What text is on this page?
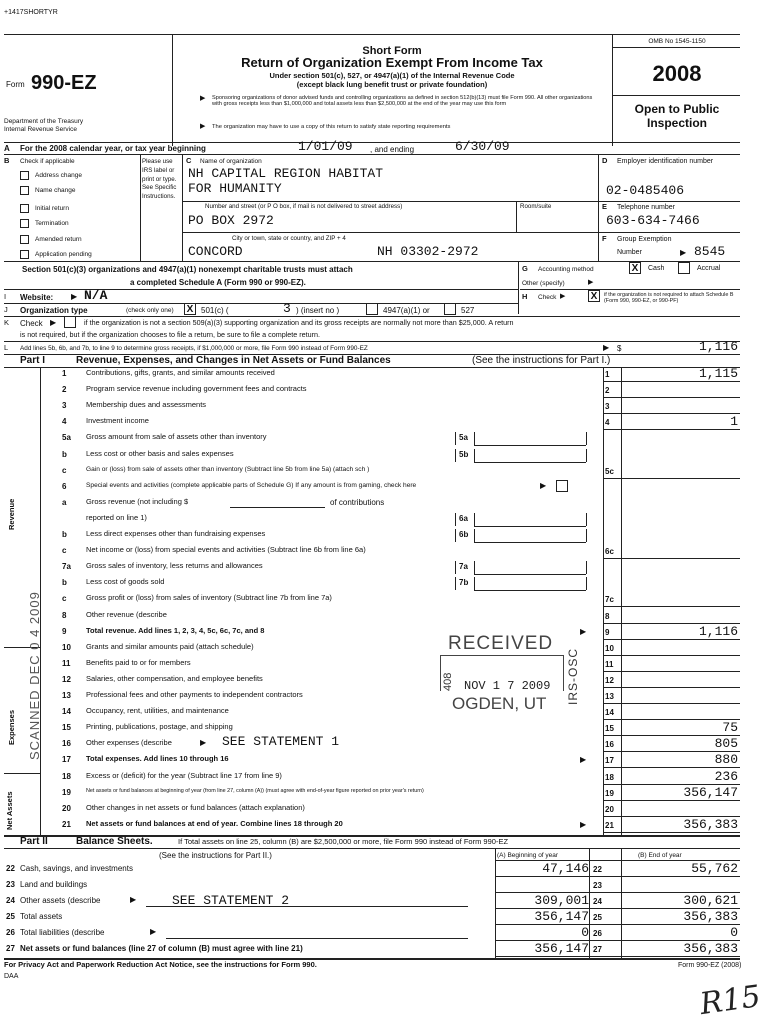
+1417SHORTYR
Form 990-EZ
Department of the Treasury
Internal Revenue Service
Short Form
Return of Organization Exempt From Income Tax
Under section 501(c), 527, or 4947(a)(1) of the Internal Revenue Code
(except black lung benefit trust or private foundation)
▶ Sponsoring organizations of donor advised funds and controlling organizations as defined in section 512(b)(13) must file Form 990. All other organizations with gross receipts less than $1,000,000 and total assets less than $2,500,000 at the end of the year may use this form
▶ The organization may have to use a copy of this return to satisfy state reporting requirements
OMB No 1545-1150
2008
Open to Public
Inspection
A For the 2008 calendar year, or tax year beginning	1/01/09 , and ending	6/30/09
B Check if applicable
Address change
Name change
Initial return
Termination
Amended return
Application pending
Please use IRS label or print or type. See Specific Instructions.
C Name of organization
NH CAPITAL REGION HABITAT
FOR HUMANITY
Number and street (or P O box, if mail is not delivered to street address)	Room/suite
PO BOX 2972
City or town, state or country, and ZIP + 4
CONCORD	NH 03302-2972
D Employer identification number
02-0485406
E Telephone number
603-634-7466
F Group Exemption
Number	▶ 8545
Section 501(c)(3) organizations and 4947(a)(1) nonexempt charitable trusts must attach
a completed Schedule A (Form 990 or 990-EZ).
G Accounting method	X	Cash	Accrual
Other (specify)	▶
I Website: ▶ N/A	H Check ▶	X	if the organization is not required to attach Schedule B (Form 990, 990-EZ, or 990-PF)
J Organization type	(check only one) X 501(c) (	3 ) (insert no )	4947(a)(1) or	527
K Check ▶	if the organization is not a section 509(a)(3) supporting organization and its gross receipts are normally not more than $25,000. A return
is not required, but if the organization chooses to file a return, be sure to file a complete return.
L Add lines 5b, 6b, and 7b, to line 9 to determine gross receipts, if $1,000,000 or more, file Form 990 instead of Form 990-EZ	▶ $	1,116
Part I	Revenue, Expenses, and Changes in Net Assets or Fund Balances	(See the instructions for Part I.)
Revenue
Expenses
Net Assets
1	Contributions, gifts, grants, and similar amounts received	1	1,115
2	Program service revenue including government fees and contracts	2
3	Membership dues and assessments	3
4	Investment income	4	1
5a	Gross amount from sale of assets other than inventory	5a
b	Less cost or other basis and sales expenses	5b
c	Gain or (loss) from sale of assets other than inventory (Subtract line 5b from line 5a) (attach sch )	5c
6	Special events and activities (complete applicable parts of Schedule G) If any amount is from gaming, check here	▶
a	Gross revenue (not including $	of contributions
reported on line 1)	6a
b	Less direct expenses other than fundraising expenses	6b
c	Net income or (loss) from special events and activities (Subtract line 6b from line 6a)	6c
7a	Gross sales of inventory, less returns and allowances	7a
b	Less cost of goods sold	7b
c	Gross profit or (loss) from sales of inventory (Subtract line 7b from line 7a)	7c
8	Other revenue (describe	8
9	Total revenue. Add lines 1, 2, 3, 4, 5c, 6c, 7c, and 8	9	1,116
▶
10	Grants and similar amounts paid (attach schedule)	10
11	Benefits paid to or for members	11
12	Salaries, other compensation, and employee benefits	12
13	Professional fees and other payments to independent contractors	13
14	Occupancy, rent, utilities, and maintenance	14
15	Printing, publications, postage, and shipping	15	75
16	Other expenses (describe	▶ SEE STATEMENT 1	16	805
17	Total expenses. Add lines 10 through 16	17	880
▶
18	Excess or (deficit) for the year (Subtract line 17 from line 9)	18	236
19	Net assets or fund balances at beginning of year (from line 27, column (A)) (must agree with end-of-year figure reported on prior year's return)	19	356,147
20	Other changes in net assets or fund balances (attach explanation)	20
21	Net assets or fund balances at end of year. Combine lines 18 through 20	21	356,383
▶
Part II	Balance Sheets.	If Total assets on line 25, column (B) are $2,500,000 or more, file Form 990 instead of Form 990-EZ
(See the instructions for Part II.)	(A) Beginning of year	(B) End of year
22 Cash, savings, and investments	47,146 22	55,762
23 Land and buildings	23
24 Other assets (describe	▶	SEE STATEMENT 2	309,001 24	300,621
25 Total assets	356,147 25	356,383
26 Total liabilities (describe	▶	0 26	0
27 Net assets or fund balances (line 27 of column (B) must agree with line 21)	356,147 27	356,383
For Privacy Act and Paperwork Reduction Act Notice, see the instructions for Form 990.	Form 990-EZ (2008)
DAA
R15
RECEIVED
NOV 1 7 2009
OGDEN, UT
408	IRS-OSC
SCANNED DEC 0 4 2009
